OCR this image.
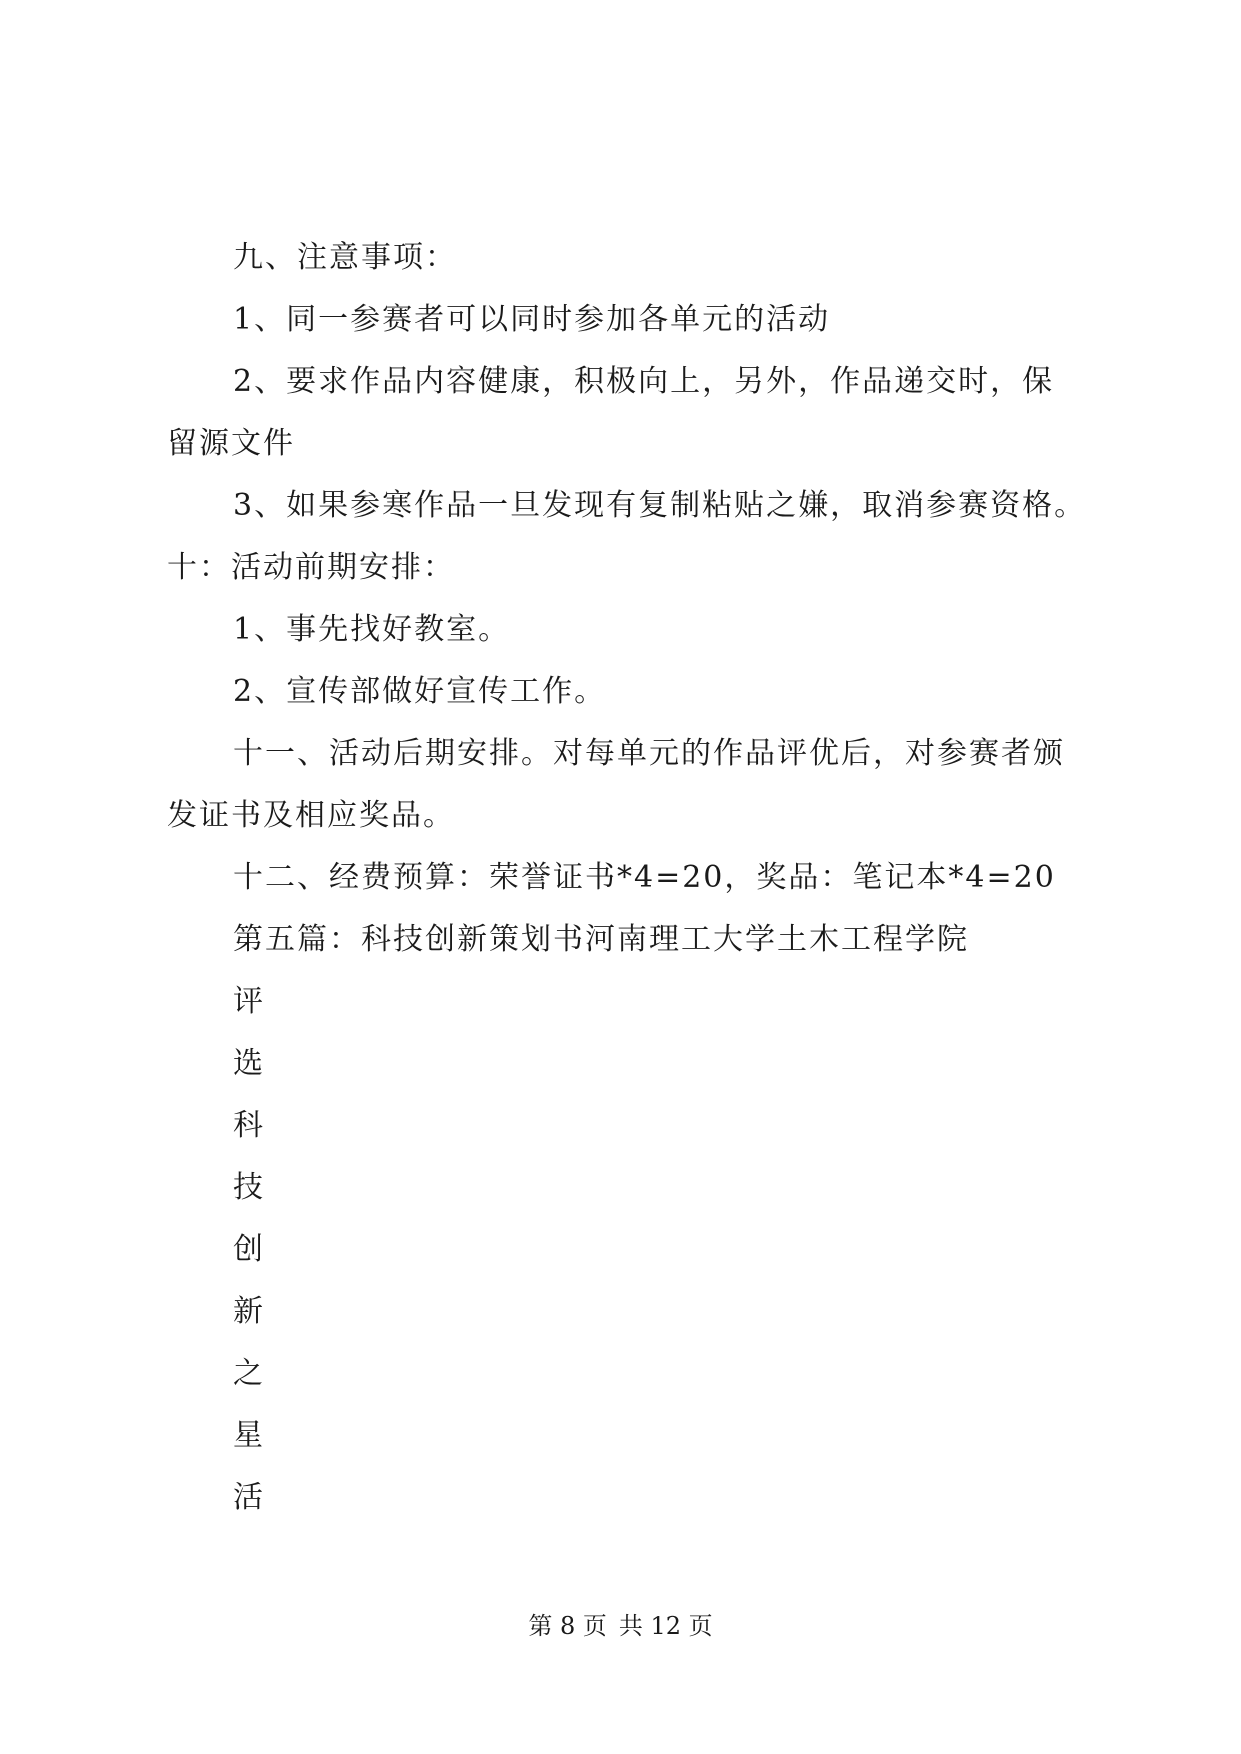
九、注意事项：
1、同一参赛者可以同时参加各单元的活动
2、要求作品内容健康，积极向上，另外，作品递交时，保
留源文件
3、如果参寒作品一旦发现有复制粘贴之嫌，取消参赛资格。
十：活动前期安排：
1、事先找好教室。
2、宣传部做好宣传工作。
十一、活动后期安排。对每单元的作品评优后，对参赛者颁
发证书及相应奖品。
十二、经费预算：荣誉证书*4=20，奖品：笔记本*4=20
第五篇：科技创新策划书河南理工大学土木工程学院
评
选
科
技
创
新
之
星
活
第 8 页 共 12 页
